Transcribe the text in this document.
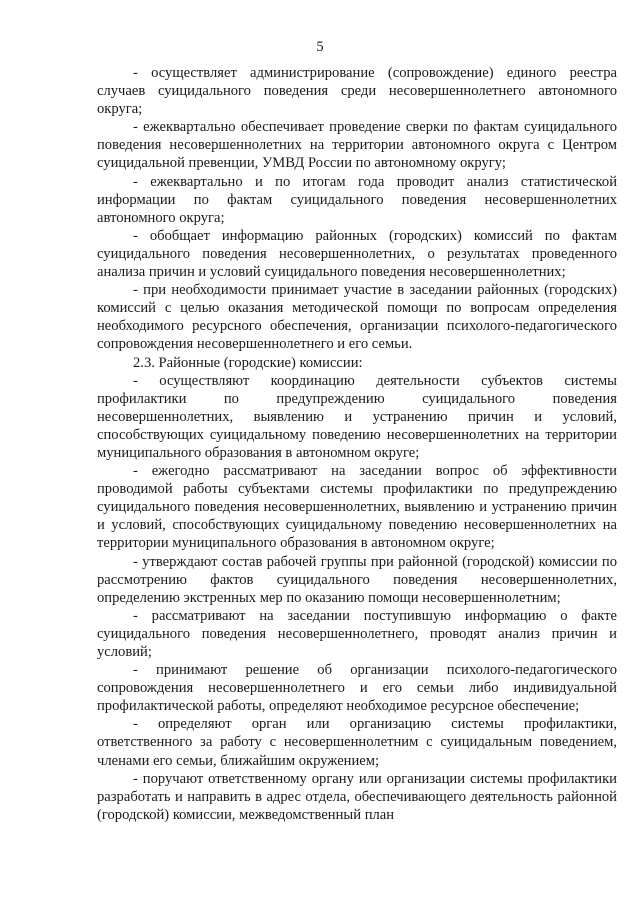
5

- осуществляет администрирование (сопровождение) единого реестра случаев суицидального поведения среди несовершеннолетнего автономного округа;

- ежеквартально обеспечивает проведение сверки по фактам суицидального поведения несовершеннолетних на территории автономного округа с Центром суицидальной превенции, УМВД России по автономному округу;

- ежеквартально и по итогам года проводит анализ статистической информации по фактам суицидального поведения несовершеннолетних автономного округа;

- обобщает информацию районных (городских) комиссий по фактам суицидального поведения несовершеннолетних, о результатах проведенного анализа причин и условий суицидального поведения несовершеннолетних;

- при необходимости принимает участие в заседании районных (городских) комиссий с целью оказания методической помощи по вопросам определения необходимого ресурсного обеспечения, организации психолого-педагогического сопровождения несовершеннолетнего и его семьи.

2.3. Районные (городские) комиссии:

- осуществляют координацию деятельности субъектов системы профилактики по предупреждению суицидального поведения несовершеннолетних, выявлению и устранению причин и условий, способствующих суицидальному поведению несовершеннолетних на территории муниципального образования в автономном округе;

- ежегодно рассматривают на заседании вопрос об эффективности проводимой работы субъектами системы профилактики по предупреждению суицидального поведения несовершеннолетних, выявлению и устранению причин и условий, способствующих суицидальному поведению несовершеннолетних на территории муниципального образования в автономном округе;

- утверждают состав рабочей группы при районной (городской) комиссии по рассмотрению фактов суицидального поведения несовершеннолетних, определению экстренных мер по оказанию помощи несовершеннолетним;

- рассматривают на заседании поступившую информацию о факте суицидального поведения несовершеннолетнего, проводят анализ причин и условий;

- принимают решение об организации психолого-педагогического сопровождения несовершеннолетнего и его семьи либо индивидуальной профилактической работы, определяют необходимое ресурсное обеспечение;

- определяют орган или организацию системы профилактики, ответственного за работу с несовершеннолетним с суицидальным поведением, членами его семьи, ближайшим окружением;

- поручают ответственному органу или организации системы профилактики разработать и направить в адрес отдела, обеспечивающего деятельность районной (городской) комиссии, межведомственный план
